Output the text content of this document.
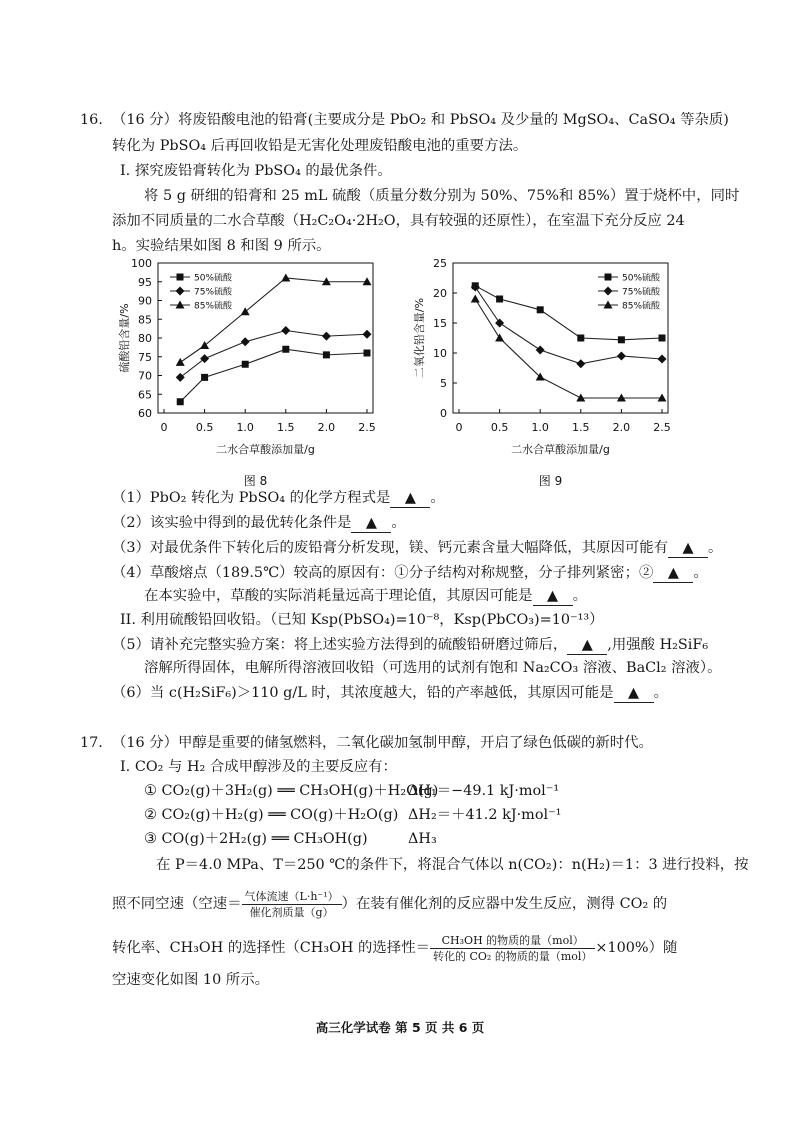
16. （16 分）将废铅酸电池的铅膏(主要成分是 PbO₂ 和 PbSO₄ 及少量的 MgSO₄、CaSO₄ 等杂质)
转化为 PbSO₄ 后再回收铅是无害化处理废铅酸电池的重要方法。
I. 探究废铅膏转化为 PbSO₄ 的最优条件。
将 5 g 研细的铅膏和 25 mL 硫酸（质量分数分别为 50%、75%和 85%）置于烧杯中，同时
添加不同质量的二水合草酸（H₂C₂O₄·2H₂O，具有较强的还原性），在室温下充分反应 24
h。实验结果如图 8 和图 9 所示。
60
65
70
75
80
85
90
95
100
0	0.5 1.0 1.5 2.0 2.5
二水合草酸添加量/g
硫酸铅含量/%
图 8
50%硫酸
75%硫酸
85%硫酸
0
5
10
15
20
25
0	0.5 1.0 1.5 2.0 2.5
二水合草酸添加量/g
二氧化铅含量/%
图 9
50%硫酸
75%硫酸
85%硫酸
（1）PbO₂ 转化为 PbSO₄ 的化学方程式是 ▲ 。
（2）该实验中得到的最优转化条件是 ▲ 。
（3）对最优条件下转化后的废铅膏分析发现，镁、钙元素含量大幅降低，其原因可能有 ▲ 。
（4）草酸熔点（189.5℃）较高的原因有：①分子结构对称规整，分子排列紧密；② ▲ 。
在本实验中，草酸的实际消耗量远高于理论值，其原因可能是 ▲ 。
II. 利用硫酸铅回收铅。（已知 Ksp(PbSO₄)=10⁻⁸，Ksp(PbCO₃)=10⁻¹³）
（5）请补充完整实验方案：将上述实验方法得到的硫酸铅研磨过筛后， ▲ ,用强酸 H₂SiF₆
溶解所得固体，电解所得溶液回收铅（可选用的试剂有饱和 Na₂CO₃ 溶液、BaCl₂ 溶液）。
（6）当 c(H₂SiF₆)＞110 g/L 时，其浓度越大，铅的产率越低，其原因可能是 ▲ 。
17. （16 分）甲醇是重要的储氢燃料，二氧化碳加氢制甲醇，开启了绿色低碳的新时代。
I. CO₂ 与 H₂ 合成甲醇涉及的主要反应有：
① CO₂(g)＋3H₂(g) ══ CH₃OH(g)＋H₂O(g)
ΔH₁＝−49.1 kJ·mol⁻¹
② CO₂(g)＋H₂(g) ══ CO(g)＋H₂O(g) ΔH₂＝＋41.2 kJ·mol⁻¹
③ CO(g)＋2H₂(g) ══ CH₃OH(g)	ΔH₃
在 P＝4.0 MPa、T＝250 ℃的条件下，将混合气体以 n(CO₂)：n(H₂)＝1：3 进行投料，按
照不同空速（空速＝ $\frac{\text{气体流速（L·h⁻¹）}}{\text{催化剂质量（g）}}$ ）在装有催化剂的反应器中发生反应，测得 CO₂ 的
转化率、CH₃OH 的选择性（CH₃OH 的选择性＝ $\frac{\text{CH₃OH 的物质的量（mol）}}{\text{转化的 CO₂ 的物质的量（mol）}} \times 100\%$）随
空速变化如图 10 所示。
高三化学试卷 第 5 页 共 6 页
